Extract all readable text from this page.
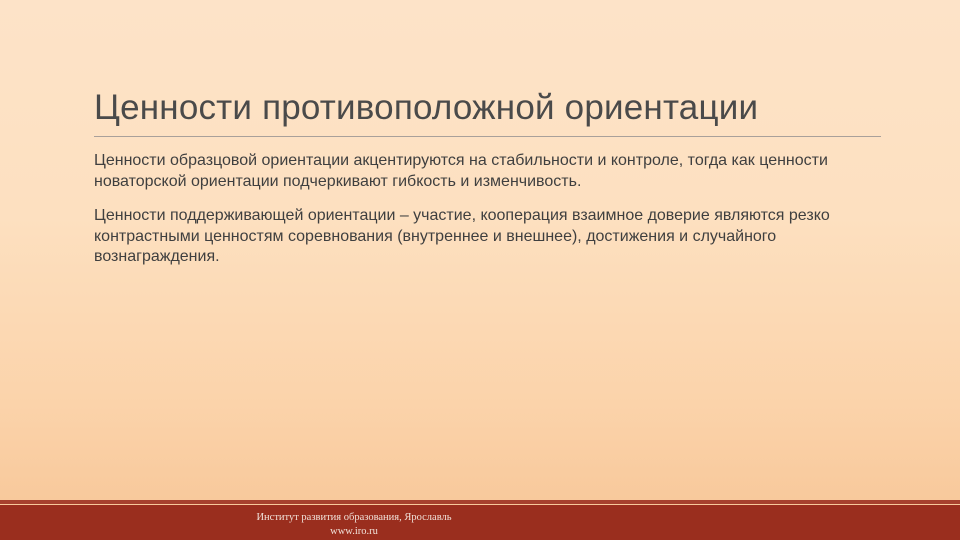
Ценности противоположной ориентации

Ценности образцовой ориентации акцентируются на стабильности и контроле, тогда как ценности новаторской ориентации подчеркивают гибкость и изменчивость.

Ценности поддерживающей ориентации – участие, кооперация взаимное доверие являются резко контрастными ценностям соревнования (внутреннее и внешнее), достижения и случайного вознаграждения.

Институт развития образования, Ярославль
www.iro.ru
